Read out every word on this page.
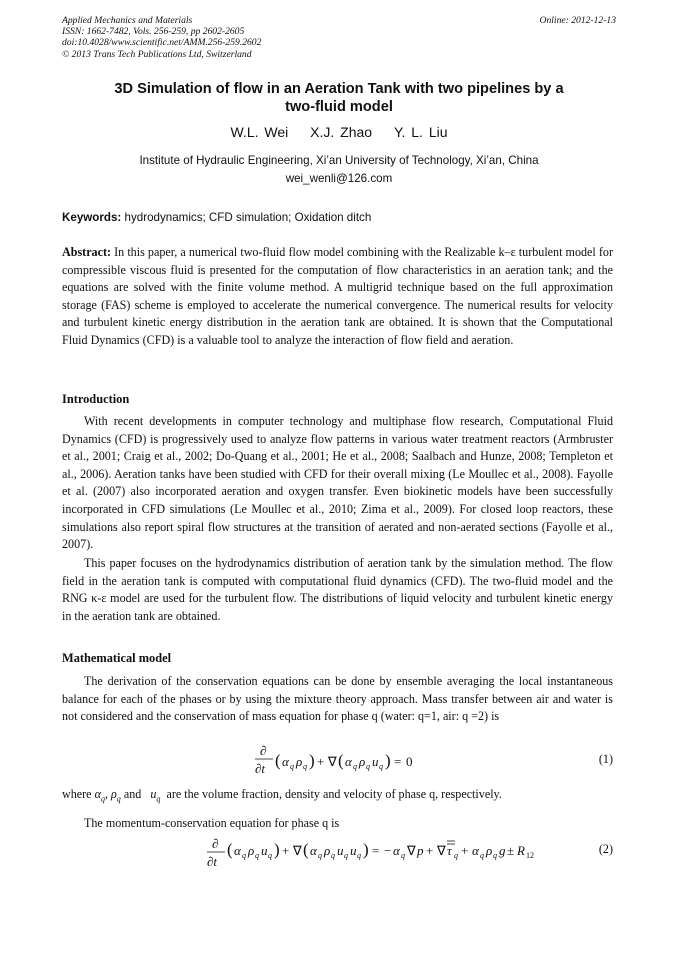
Applied Mechanics and Materials
ISSN: 1662-7482, Vols. 256-259, pp 2602-2605
doi:10.4028/www.scientific.net/AMM.256-259.2602
© 2013 Trans Tech Publications Ltd, Switzerland
Online: 2012-12-13
3D Simulation of flow in an Aeration Tank with two pipelines by a
two-fluid model
W.L. Wei X.J. Zhao Y. L. Liu
Institute of Hydraulic Engineering, Xi’an University of Technology, Xi’an, China
wei_wenli@126.com
Keywords: hydrodynamics; CFD simulation; Oxidation ditch
Abstract: In this paper, a numerical two-fluid flow model combining with the Realizable k–ε turbulent model for compressible viscous fluid is presented for the computation of flow characteristics in an aeration tank; and the equations are solved with the finite volume method. A multigrid technique based on the full approximation storage (FAS) scheme is employed to accelerate the numerical convergence. The numerical results for velocity and turbulent kinetic energy distribution in the aeration tank are obtained. It is shown that the Computational Fluid Dynamics (CFD) is a valuable tool to analyze the interaction of flow field and aeration.
Introduction
With recent developments in computer technology and multiphase flow research, Computational Fluid Dynamics (CFD) is progressively used to analyze flow patterns in various water treatment reactors (Armbruster et al., 2001; Craig et al., 2002; Do-Quang et al., 2001; He et al., 2008; Saalbach and Hunze, 2008; Templeton et al., 2006). Aeration tanks have been studied with CFD for their overall mixing (Le Moullec et al., 2008). Fayolle et al. (2007) also incorporated aeration and oxygen transfer. Even biokinetic models have been successfully incorporated in CFD simulations (Le Moullec et al., 2010; Zima et al., 2009). For closed loop reactors, these simulations also report spiral flow structures at the transition of aerated and non-aerated sections (Fayolle et al., 2007).
This paper focuses on the hydrodynamics distribution of aeration tank by the simulation method. The flow field in the aeration tank is computed with computational fluid dynamics (CFD). The two-fluid model and the RNG κ-ε model are used for the turbulent flow. The distributions of liquid velocity and turbulent kinetic energy in the aeration tank are obtained.
Mathematical model
The derivation of the conservation equations can be done by ensemble averaging the local instantaneous balance for each of the phases or by using the mixture theory approach. Mass transfer between air and water is not considered and the conservation of mass equation for phase q (water: q=1, air: q =2) is
∂
∂t ( α q ρ q ) + ∇ ( α q ρ q u q ) = 0	(1)
where $\alpha_q$, $\rho_q$ and $u_q$ are the volume fraction, density and velocity of phase q, respectively.
The momentum-conservation equation for phase q is
∂
∂t
( α q ρ q u q ) + ∇ ( α q ρ q u q u q ) = − α q ∇ p + ∇ τ q + α q ρ q g ± R 12	(2)
